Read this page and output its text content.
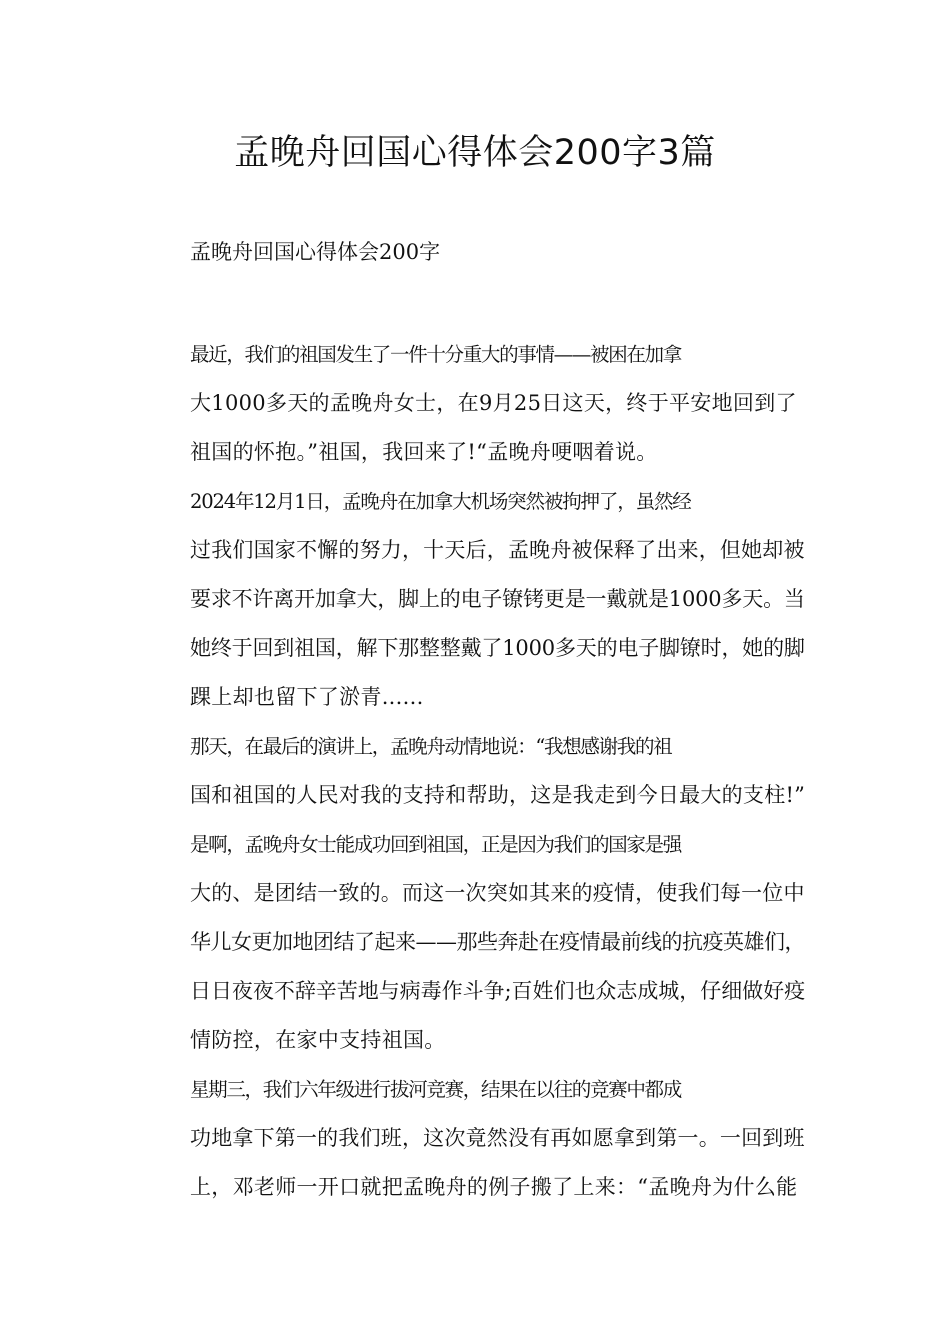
孟晚舟回国心得体会200字3篇

孟晚舟回国心得体会200字

最近，我们的祖国发生了一件十分重大的事情——被困在加拿
大1000多天的孟晚舟女士，在9月25日这天，终于平安地回到了
祖国的怀抱。”祖国，我回来了!“孟晚舟哽咽着说。

2024年12月1日，孟晚舟在加拿大机场突然被拘押了，虽然经
过我们国家不懈的努力，十天后，孟晚舟被保释了出来，但她却被
要求不许离开加拿大，脚上的电子镣铐更是一戴就是1000多天。当
她终于回到祖国，解下那整整戴了1000多天的电子脚镣时，她的脚
踝上却也留下了淤青......

那天，在最后的演讲上，孟晚舟动情地说：“我想感谢我的祖
国和祖国的人民对我的支持和帮助，这是我走到今日最大的支柱!”

是啊，孟晚舟女士能成功回到祖国，正是因为我们的国家是强
大的、是团结一致的。而这一次突如其来的疫情，使我们每一位中
华儿女更加地团结了起来——那些奔赴在疫情最前线的抗疫英雄们，
日日夜夜不辞辛苦地与病毒作斗争;百姓们也众志成城，仔细做好疫
情防控，在家中支持祖国。

星期三，我们六年级进行拔河竞赛，结果在以往的竞赛中都成
功地拿下第一的我们班，这次竟然没有再如愿拿到第一。一回到班
上，邓老师一开口就把孟晚舟的例子搬了上来：“孟晚舟为什么能
